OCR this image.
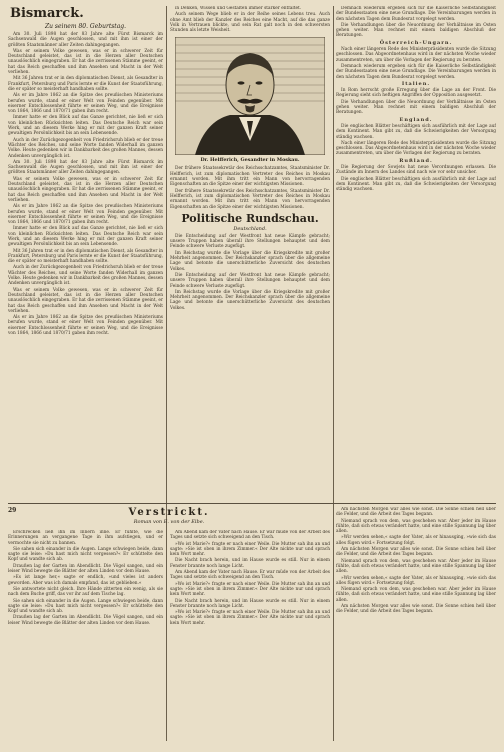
Bismarck.
Zu seinem 80. Geburtstag.

Am 30. Juli 1898 hat der 83 Jahre alte Fürst Bismarck im Sachsenwald die Augen geschlossen, und mit ihm ist einer der größten Staatsmänner aller Zeiten dahingegangen.

Was er seinem Volke gewesen, was er in schwerer Zeit für Deutschland geleistet, das ist in die Herzen aller Deutschen unauslöschlich eingegraben. Er hat die zerrissenen Stämme geeint, er hat das Reich geschaffen und ihm Ansehen und Macht in der Welt verliehen.

Mit 36 Jahren trat er in den diplomatischen Dienst, als Gesandter in Frankfurt, Petersburg und Paris lernte er die Kunst der Staatsführung, die er später so meisterhaft handhaben sollte.

Als er im Jahre 1862 an die Spitze des preußischen Ministeriums berufen wurde, stand er einer Welt von Feinden gegenüber. Mit eiserner Entschlossenheit führte er seinen Weg, und die Ereignisse von 1864, 1866 und 1870/71 gaben ihm recht.

Immer hatte er den Blick auf das Ganze gerichtet, nie ließ er sich von kleinlichen Rücksichten leiten. Das Deutsche Reich war sein Werk, und an diesem Werke hing er mit der ganzen Kraft seiner gewaltigen Persönlichkeit bis an sein Lebensende.

Auch in der Zurückgezogenheit von Friedrichsruh blieb er der treue Wächter des Reiches, und seine Worte fanden Widerhall im ganzen Volke. Heute gedenken wir in Dankbarkeit des großen Mannes, dessen Andenken unvergänglich ist.

Am 30. Juli 1898 hat der 83 Jahre alte Fürst Bismarck im Sachsenwald die Augen geschlossen, und mit ihm ist einer der größten Staatsmänner aller Zeiten dahingegangen.

Was er seinem Volke gewesen, was er in schwerer Zeit für Deutschland geleistet, das ist in die Herzen aller Deutschen unauslöschlich eingegraben. Er hat die zerrissenen Stämme geeint, er hat das Reich geschaffen und ihm Ansehen und Macht in der Welt verliehen.

Als er im Jahre 1862 an die Spitze des preußischen Ministeriums berufen wurde, stand er einer Welt von Feinden gegenüber. Mit eiserner Entschlossenheit führte er seinen Weg, und die Ereignisse von 1864, 1866 und 1870/71 gaben ihm recht.

Immer hatte er den Blick auf das Ganze gerichtet, nie ließ er sich von kleinlichen Rücksichten leiten. Das Deutsche Reich war sein Werk, und an diesem Werke hing er mit der ganzen Kraft seiner gewaltigen Persönlichkeit bis an sein Lebensende.

Mit 36 Jahren trat er in den diplomatischen Dienst, als Gesandter in Frankfurt, Petersburg und Paris lernte er die Kunst der Staatsführung, die er später so meisterhaft handhaben sollte.

Auch in der Zurückgezogenheit von Friedrichsruh blieb er der treue Wächter des Reiches, und seine Worte fanden Widerhall im ganzen Volke. Heute gedenken wir in Dankbarkeit des großen Mannes, dessen Andenken unvergänglich ist.

Was er seinem Volke gewesen, was er in schwerer Zeit für Deutschland geleistet, das ist in die Herzen aller Deutschen unauslöschlich eingegraben. Er hat die zerrissenen Stämme geeint, er hat das Reich geschaffen und ihm Ansehen und Macht in der Welt verliehen.

Als er im Jahre 1862 an die Spitze des preußischen Ministeriums berufen wurde, stand er einer Welt von Feinden gegenüber. Mit eiserner Entschlossenheit führte er seinen Weg, und die Ereignisse von 1864, 1866 und 1870/71 gaben ihm recht.

in Denken, Wissen und Gestalten immer stärker entfaltet.

Auch seinem Wege blieb er in der Reihe seines Lebens treu. Auch ohne Amt blieb der Kanzler des Reiches eine Macht, auf die das ganze Volk in Vertrauen blickte, und sein Rat galt noch in den schwersten Stunden als letzte Weisheit.

Dr. Helfferich, Gesandter in Moskau.

Der frühere Staatssekretär des Reichsschatzamtes, Staatsminister Dr. Helfferich, ist zum diplomatischen Vertreter des Reiches in Moskau ernannt worden. Mit ihm tritt ein Mann von hervorragenden Eigenschaften an die Spitze einer der wichtigsten Missionen.

Der frühere Staatssekretär des Reichsschatzamtes, Staatsminister Dr. Helfferich, ist zum diplomatischen Vertreter des Reiches in Moskau ernannt worden. Mit ihm tritt ein Mann von hervorragenden Eigenschaften an die Spitze einer der wichtigsten Missionen.

Politische Rundschau.
Deutschland.

Die Entscheidung auf der Westfront hat neue Kämpfe gebracht; unsere Truppen haben überall ihre Stellungen behauptet und dem Feinde schwere Verluste zugefügt.

Im Reichstag wurde die Vorlage über die Kriegskredite mit großer Mehrheit angenommen. Der Reichskanzler sprach über die allgemeine Lage und betonte die unerschütterliche Zuversicht des deutschen Volkes.

Die Entscheidung auf der Westfront hat neue Kämpfe gebracht; unsere Truppen haben überall ihre Stellungen behauptet und dem Feinde schwere Verluste zugefügt.

Im Reichstag wurde die Vorlage über die Kriegskredite mit großer Mehrheit angenommen. Der Reichskanzler sprach über die allgemeine Lage und betonte die unerschütterliche Zuversicht des deutschen Volkes.

Demnach wiederum ergeben sich für die Kaiserliche Selbständigkeit der Bundesstaaten eine neue Grundlage. Die Vereinbarungen werden in den nächsten Tagen dem Bundesrat vorgelegt werden.

Die Verhandlungen über die Neuordnung der Verhältnisse im Osten gehen weiter. Man rechnet mit einem baldigen Abschluß der Beratungen.

Österreich-Ungarn.

Nach einer längeren Rede des Ministerpräsidenten wurde die Sitzung geschlossen. Das Abgeordnetenhaus wird in der nächsten Woche wieder zusammentreten, um über die Vorlagen der Regierung zu beraten.

Demnach wiederum ergeben sich für die Kaiserliche Selbständigkeit der Bundesstaaten eine neue Grundlage. Die Vereinbarungen werden in den nächsten Tagen dem Bundesrat vorgelegt werden.

Italien.

In Rom herrscht große Erregung über die Lage an der Front. Die Regierung sieht sich heftigen Angriffen der Opposition ausgesetzt.

Die Verhandlungen über die Neuordnung der Verhältnisse im Osten gehen weiter. Man rechnet mit einem baldigen Abschluß der Beratungen.

England.

Die englischen Blätter beschäftigen sich ausführlich mit der Lage auf dem Kontinent. Man gibt zu, daß die Schwierigkeiten der Versorgung ständig wachsen.

Nach einer längeren Rede des Ministerpräsidenten wurde die Sitzung geschlossen. Das Abgeordnetenhaus wird in der nächsten Woche wieder zusammentreten, um über die Vorlagen der Regierung zu beraten.

Rußland.

Die Regierung der Sowjets hat neue Verordnungen erlassen. Die Zustände im Innern des Landes sind nach wie vor sehr unsicher.

Die englischen Blätter beschäftigen sich ausführlich mit der Lage auf dem Kontinent. Man gibt zu, daß die Schwierigkeiten der Versorgung ständig wachsen.

29	Verstrickt.
Roman von E. von der Elbe.

Erschrecken ließ ihn im Innern inne. Er fühlte, wie die Erinnerungen an vergangene Tage in ihm aufstiegen, und er vermochte sie nicht zu bannen.

Sie sahen sich einander in die Augen. Lange schwiegen beide, dann sagte sie leise: »Du hast mich nicht vergessen?« Er schüttelte den Kopf und wandte sich ab.

Draußen lag der Garten im Abendlicht. Die Vögel sangen, und ein leiser Wind bewegte die Blätter der alten Linden vor dem Hause.

»Es ist lange her,« sagte er endlich, »und vieles ist anders geworden. Aber was ich damals empfand, das ist geblieben.«

Sie antwortete nicht gleich. Ihre Hände zitterten ein wenig, als sie nach dem Buche griff, das vor ihr auf dem Tische lag.

Sie sahen sich einander in die Augen. Lange schwiegen beide, dann sagte sie leise: »Du hast mich nicht vergessen?« Er schüttelte den Kopf und wandte sich ab.

Draußen lag der Garten im Abendlicht. Die Vögel sangen, und ein leiser Wind bewegte die Blätter der alten Linden vor dem Hause.

Am Abend kam der Vater nach Hause. Er war müde von der Arbeit des Tages und setzte sich schweigend an den Tisch.

»Wo ist Marie?« fragte er nach einer Weile. Die Mutter sah ihn an und sagte: »Sie ist oben in ihrem Zimmer.« Der Alte nickte nur und sprach kein Wort mehr.

Die Nacht brach herein, und im Hause wurde es still. Nur in einem Fenster brannte noch lange Licht.

Am Abend kam der Vater nach Hause. Er war müde von der Arbeit des Tages und setzte sich schweigend an den Tisch.

»Wo ist Marie?« fragte er nach einer Weile. Die Mutter sah ihn an und sagte: »Sie ist oben in ihrem Zimmer.« Der Alte nickte nur und sprach kein Wort mehr.

Die Nacht brach herein, und im Hause wurde es still. Nur in einem Fenster brannte noch lange Licht.

»Wo ist Marie?« fragte er nach einer Weile. Die Mutter sah ihn an und sagte: »Sie ist oben in ihrem Zimmer.« Der Alte nickte nur und sprach kein Wort mehr.

Am nächsten Morgen war alles wie sonst. Die Sonne schien hell über die Felder, und die Arbeit des Tages begann.

Niemand sprach von dem, was geschehen war. Aber jeder im Hause fühlte, daß sich etwas verändert hatte, und eine stille Spannung lag über allen.

»Wir werden sehen,« sagte der Vater, als er hinausging, »wie sich das alles fügen wird.« Fortsetzung folgt.

Am nächsten Morgen war alles wie sonst. Die Sonne schien hell über die Felder, und die Arbeit des Tages begann.

Niemand sprach von dem, was geschehen war. Aber jeder im Hause fühlte, daß sich etwas verändert hatte, und eine stille Spannung lag über allen.

»Wir werden sehen,« sagte der Vater, als er hinausging, »wie sich das alles fügen wird.« Fortsetzung folgt.

Niemand sprach von dem, was geschehen war. Aber jeder im Hause fühlte, daß sich etwas verändert hatte, und eine stille Spannung lag über allen.

Am nächsten Morgen war alles wie sonst. Die Sonne schien hell über die Felder, und die Arbeit des Tages begann.
